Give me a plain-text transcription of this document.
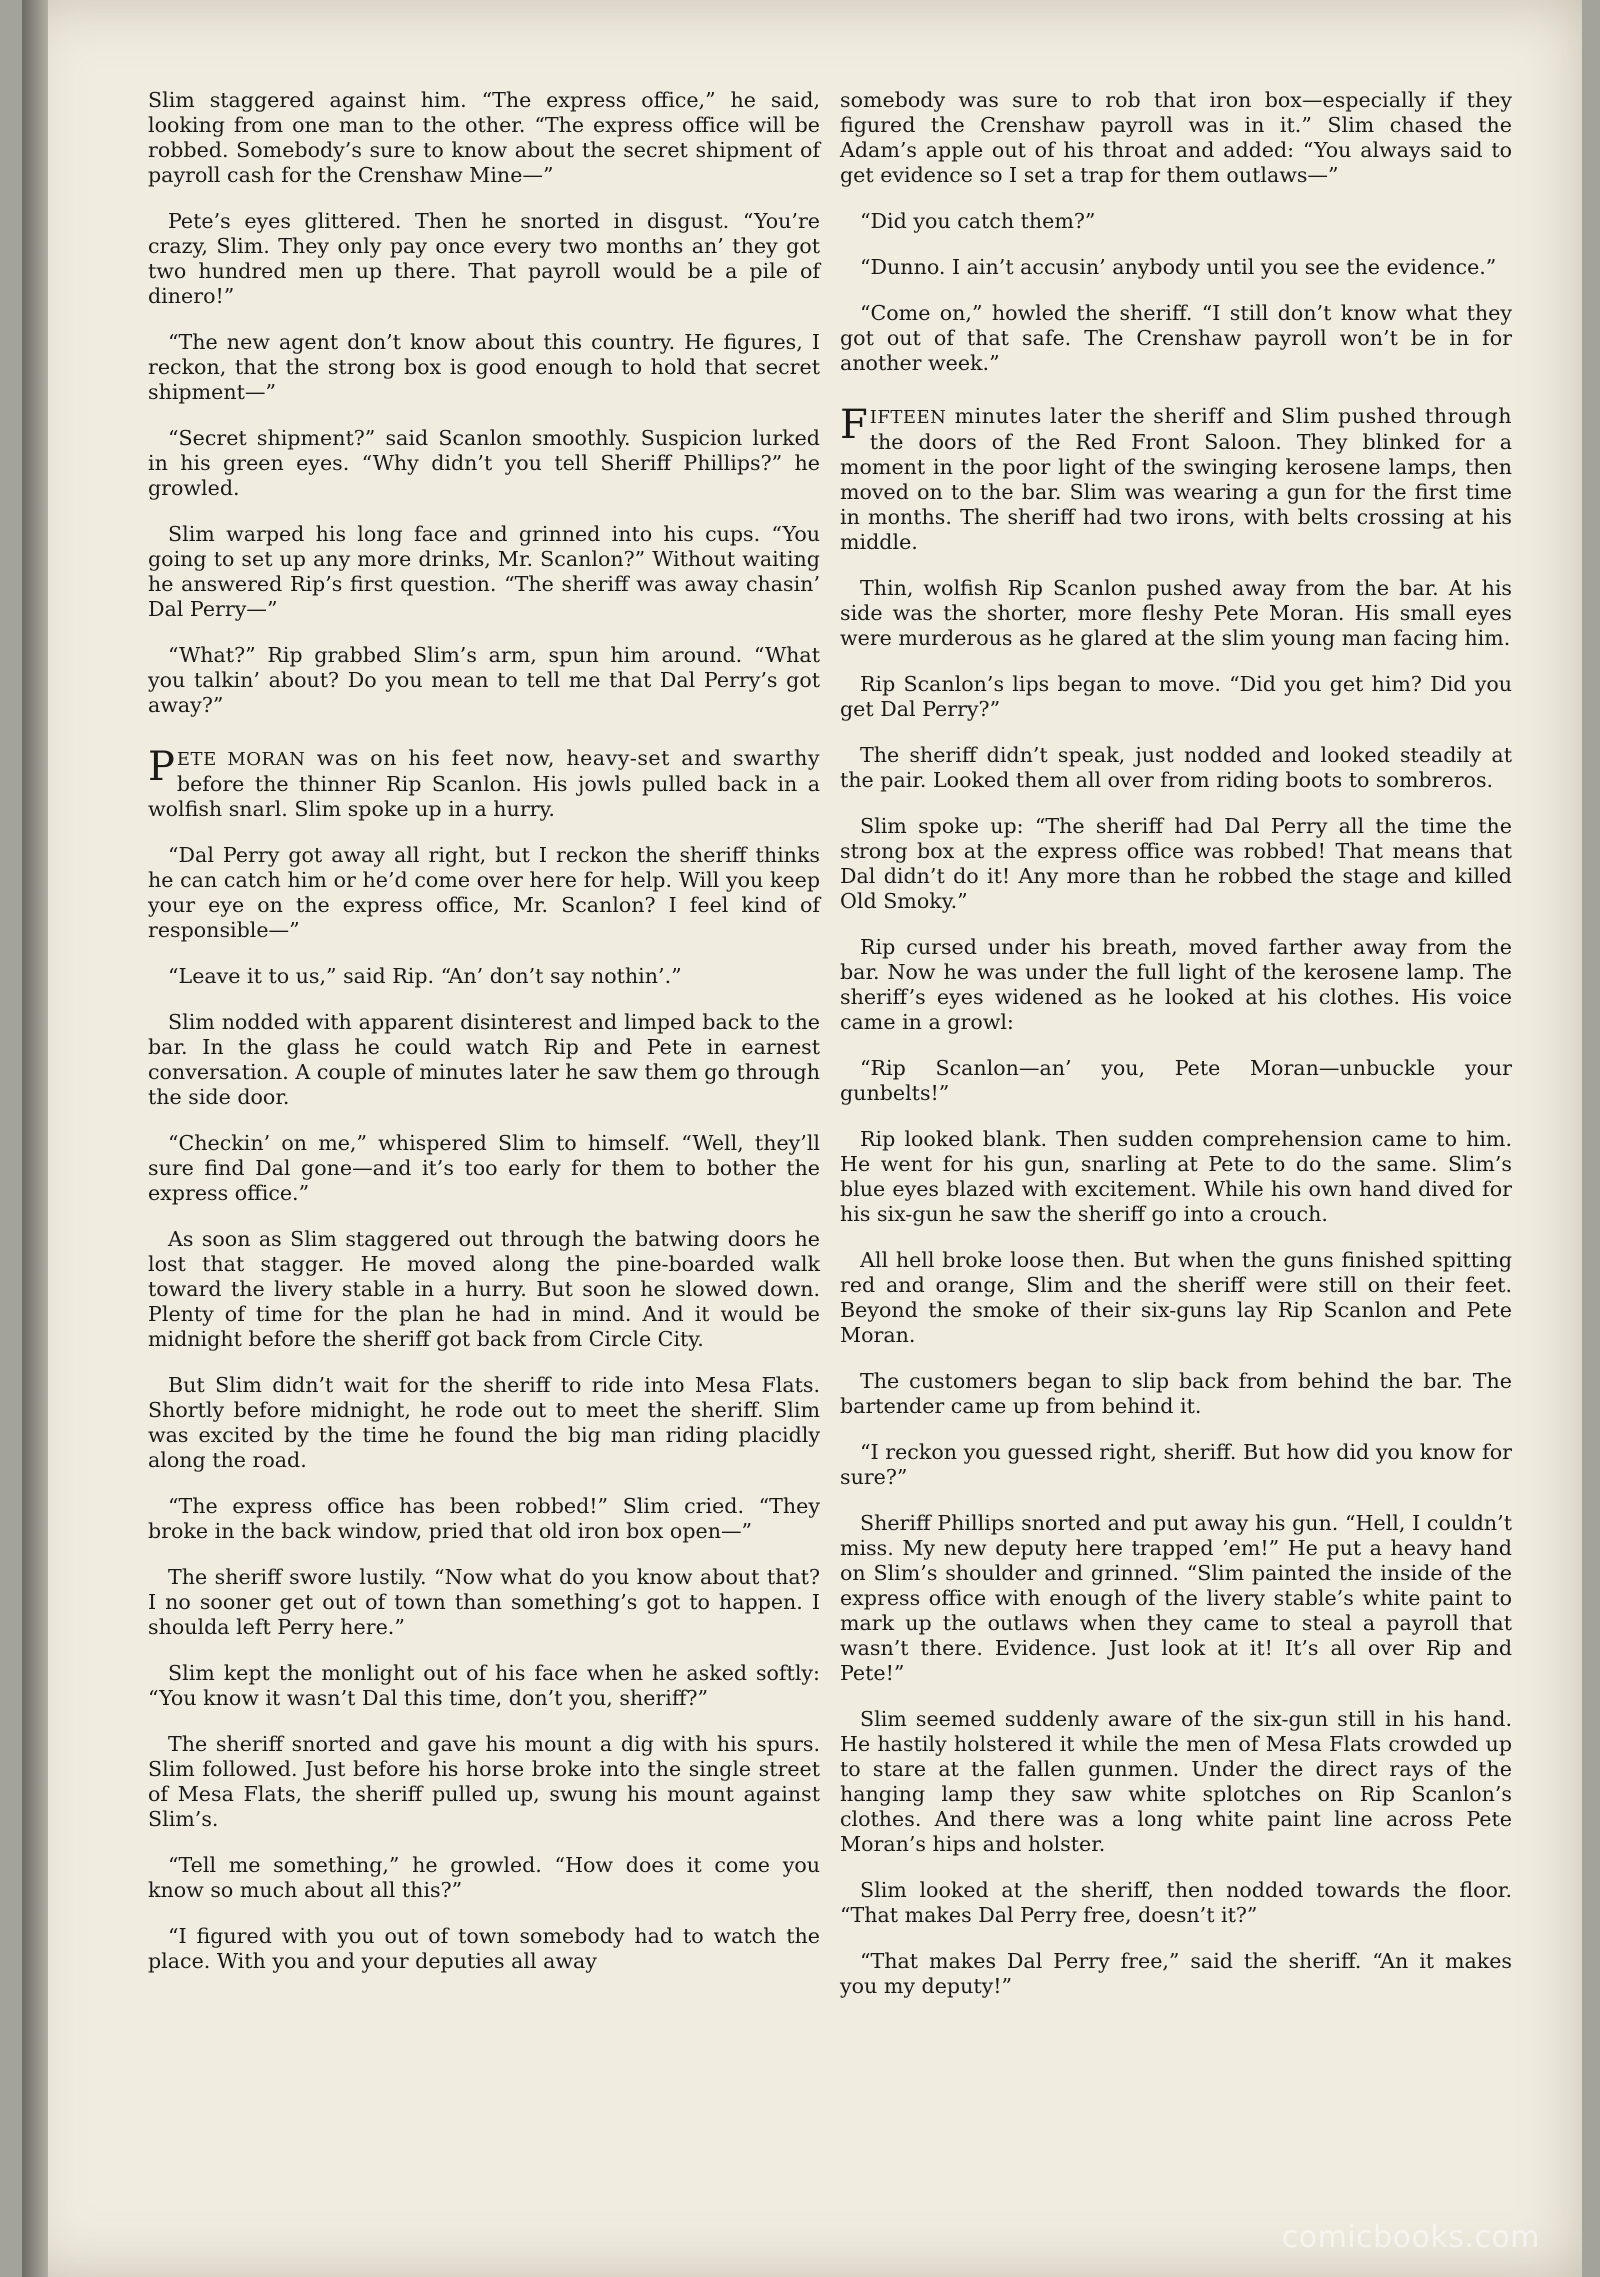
Slim staggered against him. “The express office,” he said, looking from one man to the other. “The express office will be robbed. Somebody’s sure to know about the secret shipment of payroll cash for the Crenshaw Mine—”

Pete’s eyes glittered. Then he snorted in disgust. “You’re crazy, Slim. They only pay once every two months an’ they got two hundred men up there. That payroll would be a pile of dinero!”

“The new agent don’t know about this country. He figures, I reckon, that the strong box is good enough to hold that secret shipment—”

“Secret shipment?” said Scanlon smoothly. Suspicion lurked in his green eyes. “Why didn’t you tell Sheriff Phillips?” he growled.

Slim warped his long face and grinned into his cups. “You going to set up any more drinks, Mr. Scanlon?” Without waiting he answered Rip’s first question. “The sheriff was away chasin’ Dal Perry—”

“What?” Rip grabbed Slim’s arm, spun him around. “What you talkin’ about? Do you mean to tell me that Dal Perry’s got away?”

PETE MORAN was on his feet now, heavy-set and swarthy before the thinner Rip Scanlon. His jowls pulled back in a wolfish snarl. Slim spoke up in a hurry.

“Dal Perry got away all right, but I reckon the sheriff thinks he can catch him or he’d come over here for help. Will you keep your eye on the express office, Mr. Scanlon? I feel kind of responsible—”

“Leave it to us,” said Rip. “An’ don’t say nothin’.”

Slim nodded with apparent disinterest and limped back to the bar. In the glass he could watch Rip and Pete in earnest conversation. A couple of minutes later he saw them go through the side door.

“Checkin’ on me,” whispered Slim to himself. “Well, they’ll sure find Dal gone—and it’s too early for them to bother the express office.”

As soon as Slim staggered out through the batwing doors he lost that stagger. He moved along the pine-boarded walk toward the livery stable in a hurry. But soon he slowed down. Plenty of time for the plan he had in mind. And it would be midnight before the sheriff got back from Circle City.

But Slim didn’t wait for the sheriff to ride into Mesa Flats. Shortly before midnight, he rode out to meet the sheriff. Slim was excited by the time he found the big man riding placidly along the road.

“The express office has been robbed!” Slim cried. “They broke in the back window, pried that old iron box open—”

The sheriff swore lustily. “Now what do you know about that? I no sooner get out of town than something’s got to happen. I shoulda left Perry here.”

Slim kept the monlight out of his face when he asked softly: “You know it wasn’t Dal this time, don’t you, sheriff?”

The sheriff snorted and gave his mount a dig with his spurs. Slim followed. Just before his horse broke into the single street of Mesa Flats, the sheriff pulled up, swung his mount against Slim’s.

“Tell me something,” he growled. “How does it come you know so much about all this?”

“I figured with you out of town somebody had to watch the place. With you and your deputies all away

somebody was sure to rob that iron box—especially if they figured the Crenshaw payroll was in it.” Slim chased the Adam’s apple out of his throat and added: “You always said to get evidence so I set a trap for them outlaws—”

“Did you catch them?”

“Dunno. I ain’t accusin’ anybody until you see the evidence.”

“Come on,” howled the sheriff. “I still don’t know what they got out of that safe. The Crenshaw payroll won’t be in for another week.”

FIFTEEN minutes later the sheriff and Slim pushed through the doors of the Red Front Saloon. They blinked for a moment in the poor light of the swinging kerosene lamps, then moved on to the bar. Slim was wearing a gun for the first time in months. The sheriff had two irons, with belts crossing at his middle.

Thin, wolfish Rip Scanlon pushed away from the bar. At his side was the shorter, more fleshy Pete Moran. His small eyes were murderous as he glared at the slim young man facing him.

Rip Scanlon’s lips began to move. “Did you get him? Did you get Dal Perry?”

The sheriff didn’t speak, just nodded and looked steadily at the pair. Looked them all over from riding boots to sombreros.

Slim spoke up: “The sheriff had Dal Perry all the time the strong box at the express office was robbed! That means that Dal didn’t do it! Any more than he robbed the stage and killed Old Smoky.”

Rip cursed under his breath, moved farther away from the bar. Now he was under the full light of the kerosene lamp. The sheriff’s eyes widened as he looked at his clothes. His voice came in a growl:

“Rip Scanlon—an’ you, Pete Moran—unbuckle your gunbelts!”

Rip looked blank. Then sudden comprehension came to him. He went for his gun, snarling at Pete to do the same. Slim’s blue eyes blazed with excitement. While his own hand dived for his six-gun he saw the sheriff go into a crouch.

All hell broke loose then. But when the guns finished spitting red and orange, Slim and the sheriff were still on their feet. Beyond the smoke of their six-guns lay Rip Scanlon and Pete Moran.

The customers began to slip back from behind the bar. The bartender came up from behind it.

“I reckon you guessed right, sheriff. But how did you know for sure?”

Sheriff Phillips snorted and put away his gun. “Hell, I couldn’t miss. My new deputy here trapped ’em!” He put a heavy hand on Slim’s shoulder and grinned. “Slim painted the inside of the express office with enough of the livery stable’s white paint to mark up the outlaws when they came to steal a payroll that wasn’t there. Evidence. Just look at it! It’s all over Rip and Pete!”

Slim seemed suddenly aware of the six-gun still in his hand. He hastily holstered it while the men of Mesa Flats crowded up to stare at the fallen gunmen. Under the direct rays of the hanging lamp they saw white splotches on Rip Scanlon’s clothes. And there was a long white paint line across Pete Moran’s hips and holster.

Slim looked at the sheriff, then nodded towards the floor. “That makes Dal Perry free, doesn’t it?”

“That makes Dal Perry free,” said the sheriff. “An it makes you my deputy!”

comicbooks.com
